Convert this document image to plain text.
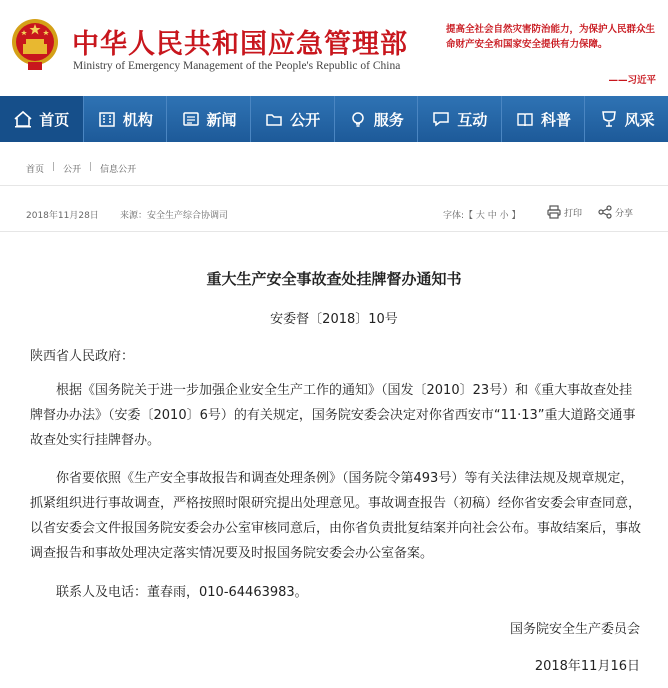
中华人民共和国应急管理部
Ministry of Emergency Management of the People's Republic of China
提高全社会自然灾害防治能力，为保护人民群众生命财产安全和国家安全提供有力保障。
——习近平
首页	机构	新闻	公开	服务	互动	科普	风采
首页 | 公开 | 信息公开
2018年11月28日 来源：安全生产综合协调司	字体:【 大 中 小 】	打印	分享
重大生产安全事故查处挂牌督办通知书
安委督〔2018〕10号
陕西省人民政府：
根据《国务院关于进一步加强企业安全生产工作的通知》（国发〔2010〕23号）和《重大事故查处挂牌督办办法》（安委〔2010〕6号）的有关规定，国务院安委会决定对你省西安市“11·13”重大道路交通事故查处实行挂牌督办。
你省要依照《生产安全事故报告和调查处理条例》（国务院令第493号）等有关法律法规及规章规定，抓紧组织进行事故调查，严格按照时限研究提出处理意见。事故调查报告（初稿）经你省安委会审查同意，以省安委会文件报国务院安委会办公室审核同意后，由你省负责批复结案并向社会公布。事故结案后，事故调查报告和事故处理决定落实情况要及时报国务院安委会办公室备案。
联系人及电话：董春雨，010-64463983。
国务院安全生产委员会
2018年11月16日
